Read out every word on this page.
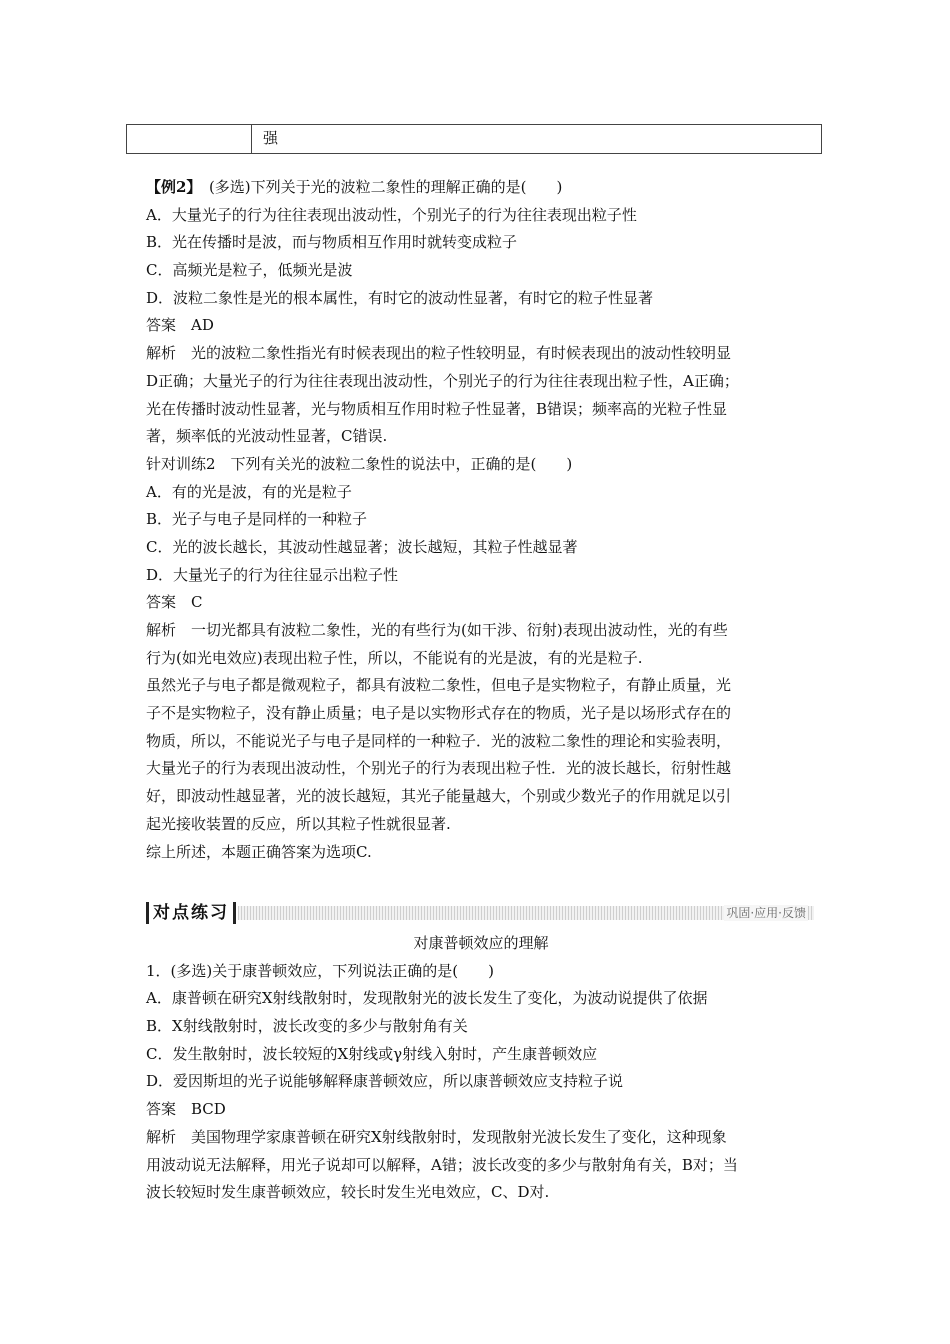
强
【例2】　(多选)下列关于光的波粒二象性的理解正确的是(　　)
A．大量光子的行为往往表现出波动性，个别光子的行为往往表现出粒子性
B．光在传播时是波，而与物质相互作用时就转变成粒子
C．高频光是粒子，低频光是波
D．波粒二象性是光的根本属性，有时它的波动性显著，有时它的粒子性显著
答案　AD
解析　光的波粒二象性指光有时候表现出的粒子性较明显，有时候表现出的波动性较明显
D正确；大量光子的行为往往表现出波动性，个别光子的行为往往表现出粒子性，A正确；
光在传播时波动性显著，光与物质相互作用时粒子性显著，B错误；频率高的光粒子性显
著，频率低的光波动性显著，C错误.
针对训练2　下列有关光的波粒二象性的说法中，正确的是(　　)
A．有的光是波，有的光是粒子
B．光子与电子是同样的一种粒子
C．光的波长越长，其波动性越显著；波长越短，其粒子性越显著
D．大量光子的行为往往显示出粒子性
答案　C
解析　一切光都具有波粒二象性，光的有些行为(如干涉、衍射)表现出波动性，光的有些
行为(如光电效应)表现出粒子性，所以，不能说有的光是波，有的光是粒子.
虽然光子与电子都是微观粒子，都具有波粒二象性，但电子是实物粒子，有静止质量，光
子不是实物粒子，没有静止质量；电子是以实物形式存在的物质，光子是以场形式存在的
物质，所以，不能说光子与电子是同样的一种粒子．光的波粒二象性的理论和实验表明，
大量光子的行为表现出波动性，个别光子的行为表现出粒子性．光的波长越长，衍射性越
好，即波动性越显著，光的波长越短，其光子能量越大，个别或少数光子的作用就足以引
起光接收装置的反应，所以其粒子性就很显著.
综上所述，本题正确答案为选项C.
对点练习	巩固·应用·反馈
对康普顿效应的理解
1．(多选)关于康普顿效应，下列说法正确的是(　　)
A．康普顿在研究X射线散射时，发现散射光的波长发生了变化，为波动说提供了依据
B．X射线散射时，波长改变的多少与散射角有关
C．发生散射时，波长较短的X射线或γ射线入射时，产生康普顿效应
D．爱因斯坦的光子说能够解释康普顿效应，所以康普顿效应支持粒子说
答案　BCD
解析　美国物理学家康普顿在研究X射线散射时，发现散射光波长发生了变化，这种现象
用波动说无法解释，用光子说却可以解释，A错；波长改变的多少与散射角有关，B对；当
波长较短时发生康普顿效应，较长时发生光电效应，C、D对.
